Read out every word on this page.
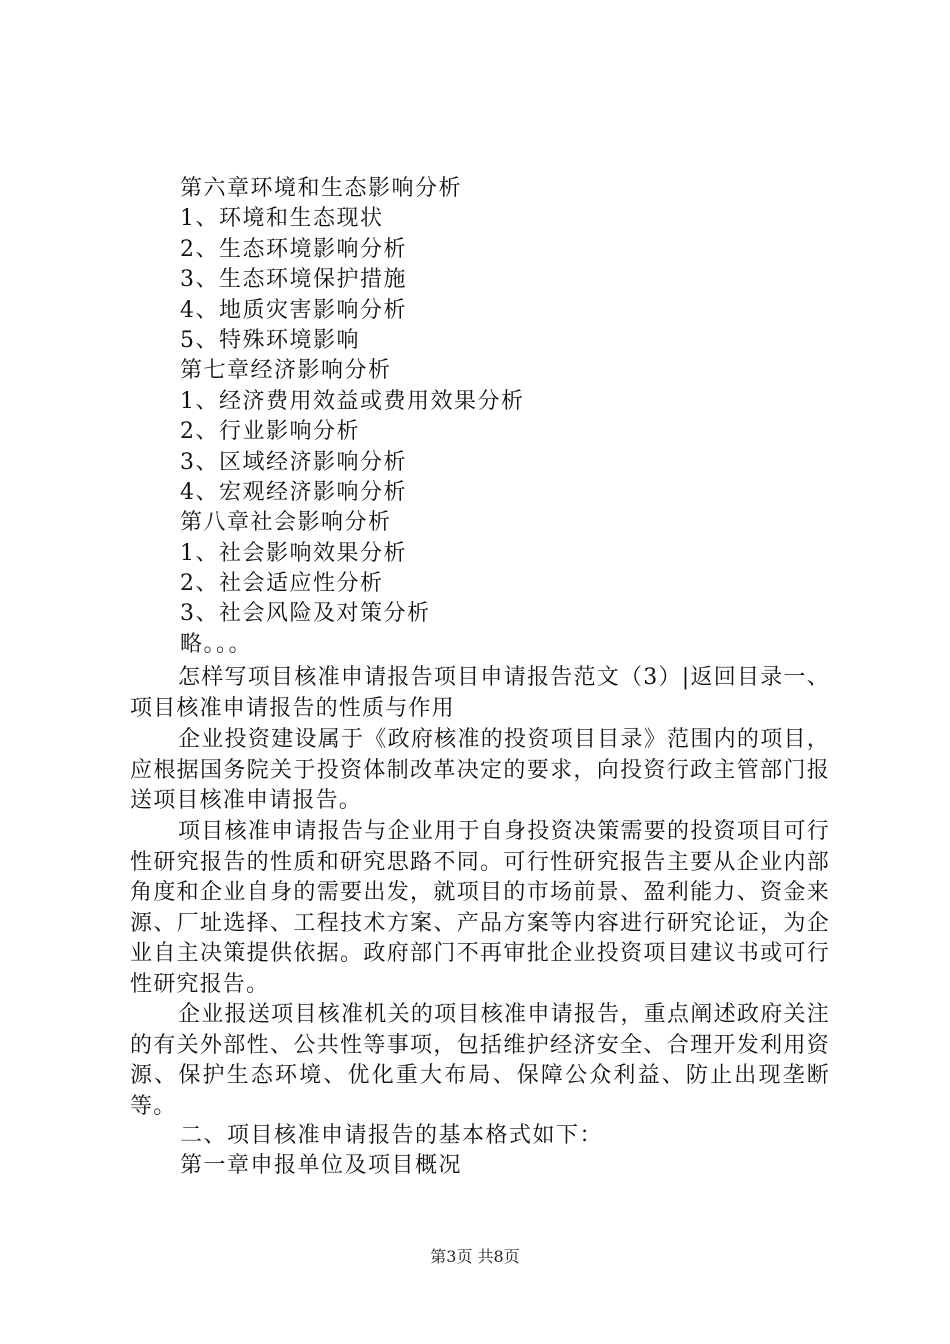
第六章环境和生态影响分析
1、环境和生态现状
2、生态环境影响分析
3、生态环境保护措施
4、地质灾害影响分析
5、特殊环境影响
第七章经济影响分析
1、经济费用效益或费用效果分析
2、行业影响分析
3、区域经济影响分析
4、宏观经济影响分析
第八章社会影响分析
1、社会影响效果分析
2、社会适应性分析
3、社会风险及对策分析
略。。。
怎样写项目核准申请报告项目申请报告范文（3）|返回目录一、项目核准申请报告的性质与作用
企业投资建设属于《政府核准的投资项目目录》范围内的项目，应根据国务院关于投资体制改革决定的要求，向投资行政主管部门报送项目核准申请报告。
项目核准申请报告与企业用于自身投资决策需要的投资项目可行性研究报告的性质和研究思路不同。可行性研究报告主要从企业内部角度和企业自身的需要出发，就项目的市场前景、盈利能力、资金来源、厂址选择、工程技术方案、产品方案等内容进行研究论证，为企业自主决策提供依据。政府部门不再审批企业投资项目建议书或可行性研究报告。
企业报送项目核准机关的项目核准申请报告，重点阐述政府关注的有关外部性、公共性等事项，包括维护经济安全、合理开发利用资源、保护生态环境、优化重大布局、保障公众利益、防止出现垄断等。
二、项目核准申请报告的基本格式如下：
第一章申报单位及项目概况
第3页 共8页
